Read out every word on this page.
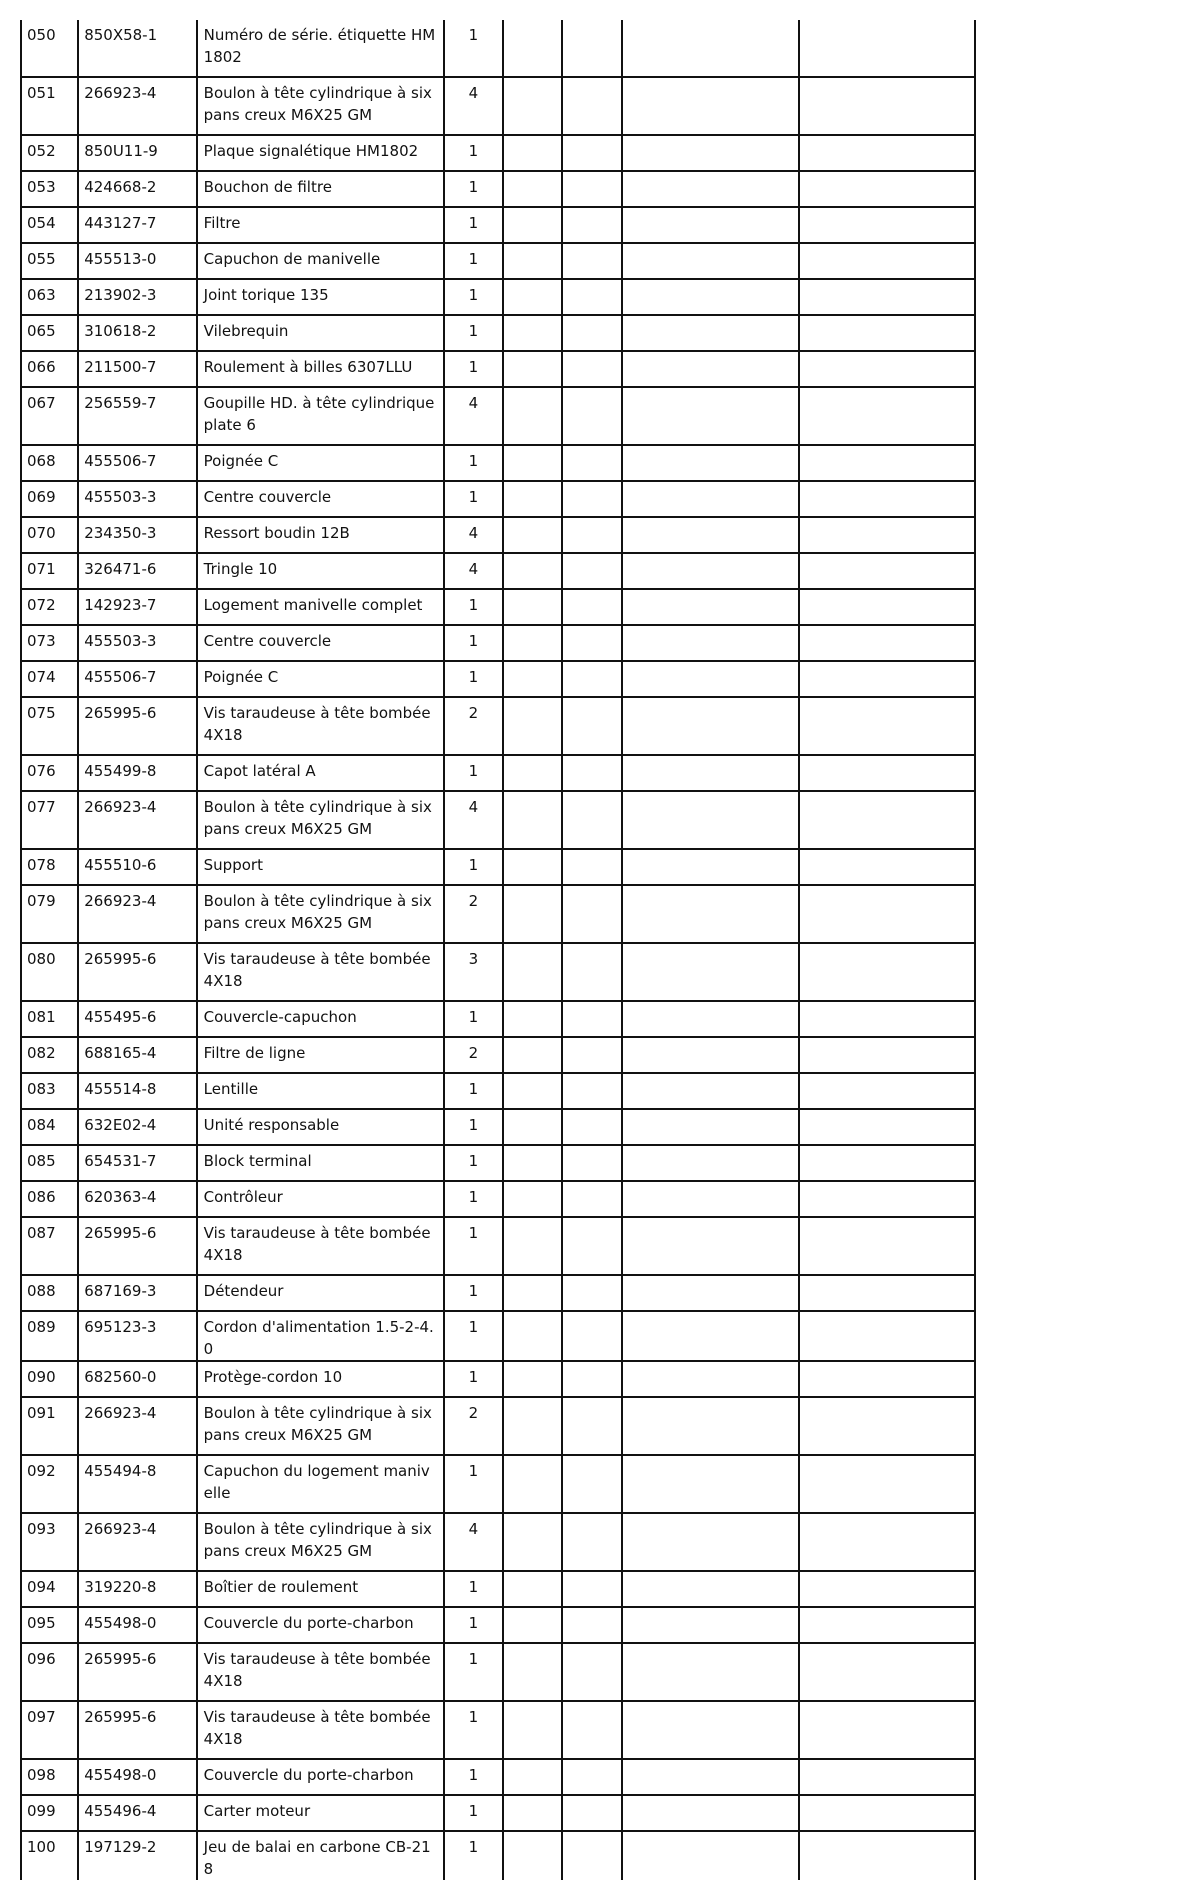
050	850X58-1	Numéro de série. étiquette HM1802	1				
051	266923-4	Boulon à tête cylindrique à six pans creux M6X25 GM	4				
052	850U11-9	Plaque signalétique HM1802	1				
053	424668-2	Bouchon de filtre	1				
054	443127-7	Filtre	1				
055	455513-0	Capuchon de manivelle	1				
063	213902-3	Joint torique 135	1				
065	310618-2	Vilebrequin	1				
066	211500-7	Roulement à billes 6307LLU	1				
067	256559-7	Goupille HD. à tête cylindrique plate 6	4				
068	455506-7	Poignée C	1				
069	455503-3	Centre couvercle	1				
070	234350-3	Ressort boudin 12B	4				
071	326471-6	Tringle 10	4				
072	142923-7	Logement manivelle complet	1				
073	455503-3	Centre couvercle	1				
074	455506-7	Poignée C	1				
075	265995-6	Vis taraudeuse à tête bombée 4X18	2				
076	455499-8	Capot latéral A	1				
077	266923-4	Boulon à tête cylindrique à six pans creux M6X25 GM	4				
078	455510-6	Support	1				
079	266923-4	Boulon à tête cylindrique à six pans creux M6X25 GM	2				
080	265995-6	Vis taraudeuse à tête bombée 4X18	3				
081	455495-6	Couvercle-capuchon	1				
082	688165-4	Filtre de ligne	2				
083	455514-8	Lentille	1				
084	632E02-4	Unité responsable	1				
085	654531-7	Block terminal	1				
086	620363-4	Contrôleur	1				
087	265995-6	Vis taraudeuse à tête bombée 4X18	1				
088	687169-3	Détendeur	1				
089	695123-3	Cordon d'alimentation 1.5-2-4.0	1				
090	682560-0	Protège-cordon 10	1				
091	266923-4	Boulon à tête cylindrique à six pans creux M6X25 GM	2				
092	455494-8	Capuchon du logement manivelle	1				
093	266923-4	Boulon à tête cylindrique à six pans creux M6X25 GM	4				
094	319220-8	Boîtier de roulement	1				
095	455498-0	Couvercle du porte-charbon	1				
096	265995-6	Vis taraudeuse à tête bombée 4X18	1				
097	265995-6	Vis taraudeuse à tête bombée 4X18	1				
098	455498-0	Couvercle du porte-charbon	1				
099	455496-4	Carter moteur	1				
100	197129-2	Jeu de balai en carbone CB-218	1				
